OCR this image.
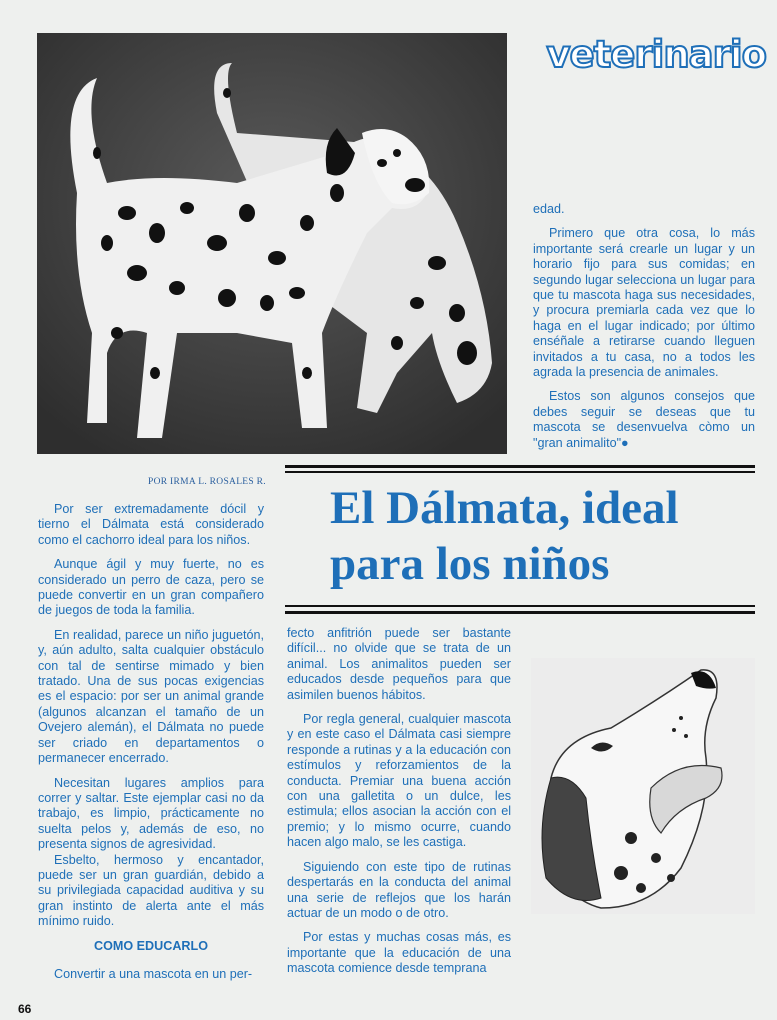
veterinario

edad.

Primero que otra cosa, lo más importante será crearle un lugar y un horario fijo para sus comidas; en segundo lugar selecciona un lugar para que tu mascota haga sus necesidades, y procura premiarla cada vez que lo haga en el lugar indicado; por último enséñale a retirarse cuando lleguen invitados a tu casa, no a todos les agrada la presencia de animales.

Estos son algunos consejos que debes seguir se deseas que tu mascota se desenvuelva còmo un "gran animalito"●

POR IRMA L. ROSALES R. El Dálmata, ideal
para los niños

Por ser extremadamente dócil y tierno el Dálmata está considerado como el cachorro ideal para los niños.

Aunque ágil y muy fuerte, no es considerado un perro de caza, pero se puede convertir en un gran compañero de juegos de toda la familia.

En realidad, parece un niño juguetón, y, aún adulto, salta cualquier obstáculo con tal de sentirse mimado y bien tratado. Una de sus pocas exigencias es el espacio: por ser un animal grande (algunos alcanzan el tamaño de un Ovejero alemán), el Dálmata no puede ser criado en departamentos o permanecer encerrado.

Necesitan lugares amplios para correr y saltar. Este ejemplar casi no da trabajo, es limpio, prácticamente no suelta pelos y, además de eso, no presenta signos de agresividad.

Esbelto, hermoso y encantador, puede ser un gran guardián, debido a su privilegiada capacidad auditiva y su gran instinto de alerta ante el más mínimo ruido.

COMO EDUCARLO

Convertir a una mascota en un per-

fecto anfitrión puede ser bastante difícil... no olvide que se trata de un animal. Los animalitos pueden ser educados desde pequeños para que asimilen buenos hábitos.

Por regla general, cualquier mascota y en este caso el Dálmata casi siempre responde a rutinas y a la educación con estímulos y reforzamientos de la conducta. Premiar una buena acción con una galletita o un dulce, les estimula; ellos asocian la acción con el premio; y lo mismo ocurre, cuando hacen algo malo, se les castiga.

Siguiendo con este tipo de rutinas despertarás en la conducta del animal una serie de reflejos que los harán actuar de un modo o de otro.

Por estas y muchas cosas más, es importante que la educación de una mascota comience desde temprana

66
